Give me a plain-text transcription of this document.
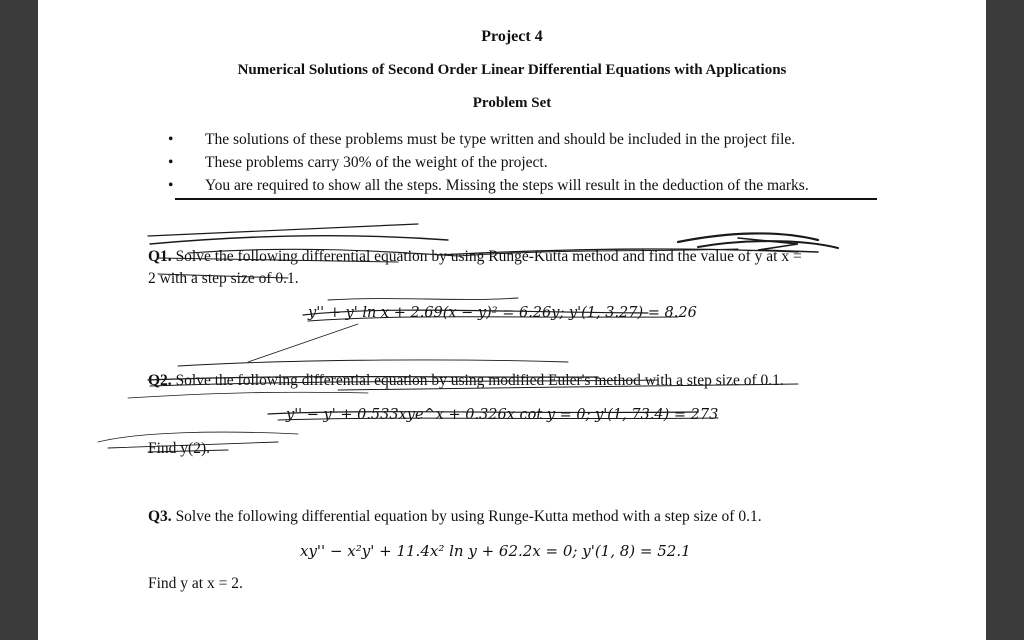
Project 4
Numerical Solutions of Second Order Linear Differential Equations with Applications
Problem Set
• The solutions of these problems must be type written and should be included in the project file.
• These problems carry 30% of the weight of the project.
• You are required to show all the steps. Missing the steps will result in the deduction of the marks.
Q1. Solve the following differential equation by using Runge-Kutta method and find the value of y at x =
2 with a step size of 0.1.
y'' + y' ln x + 2.69(x − y)² = 6.26y; y'(1, 3.27) = 8.26
Q2. Solve the following differential equation by using modified Euler's method with a step size of 0.1.
y'' − y' + 0.533xye^x + 0.326x cot y = 0; y'(1, 73.4) = 273
Find y(2).
Q3. Solve the following differential equation by using Runge-Kutta method with a step size of 0.1.
xy'' − x²y' + 11.4x² ln y + 62.2x = 0; y'(1, 8) = 52.1
Find y at x = 2.
